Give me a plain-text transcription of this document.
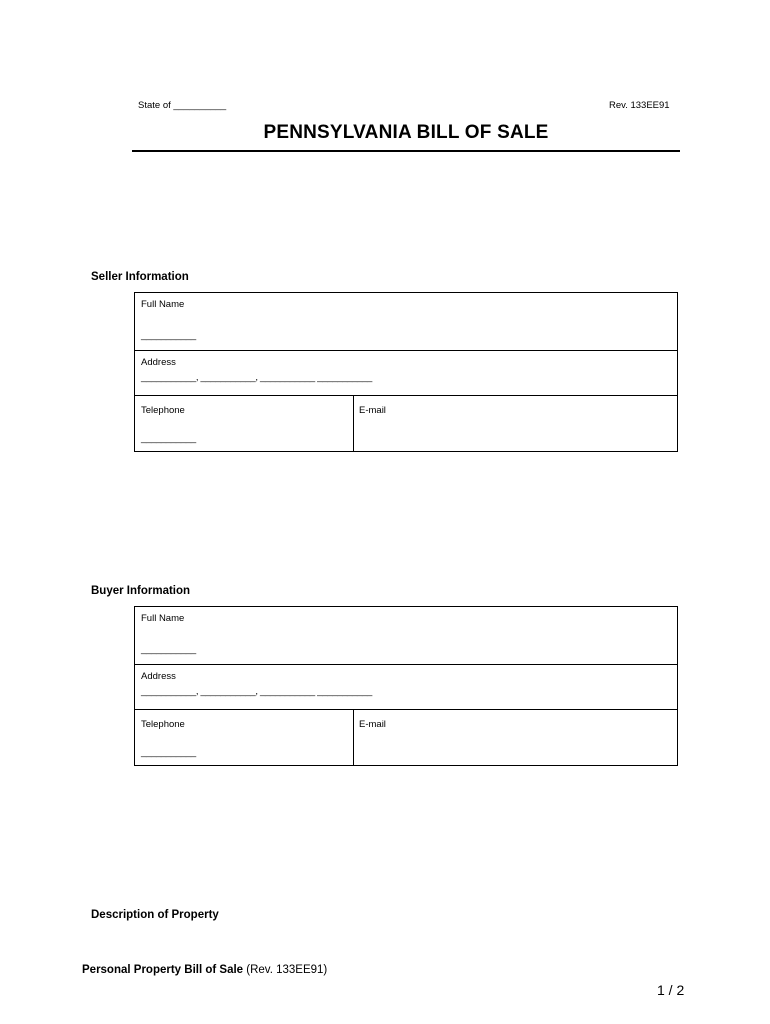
State of __________	Rev. 133EE91
PENNSYLVANIA BILL OF SALE
Seller Information
Full Name
___________
Address
___________, ___________, ___________ ___________
Telephone
___________
E-mail
Buyer Information
Full Name
___________
Address
___________, ___________, ___________ ___________
Telephone
___________
E-mail
Description of Property
Personal Property Bill of Sale (Rev. 133EE91)
1 / 2
